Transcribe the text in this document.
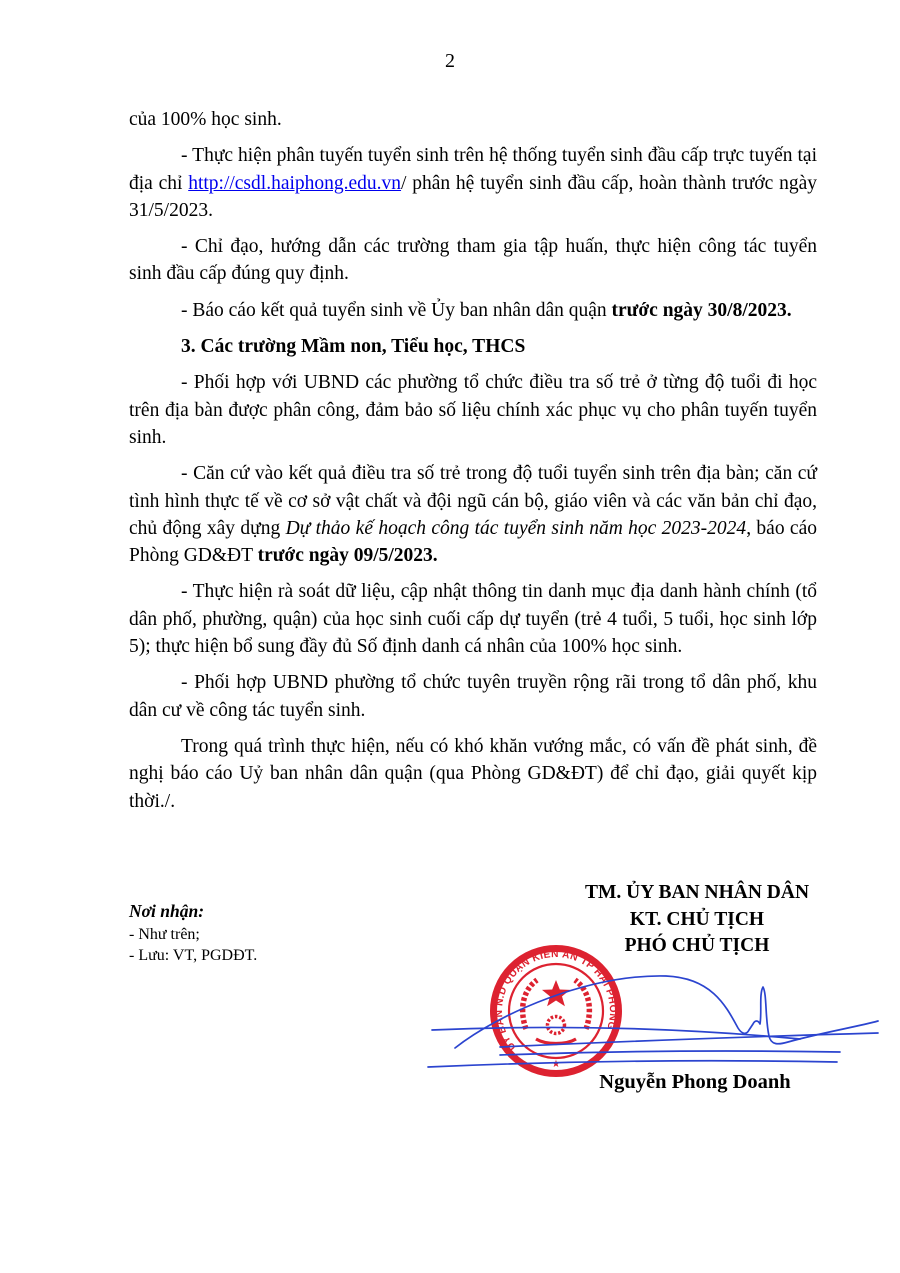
2

của 100% học sinh.

- Thực hiện phân tuyến tuyển sinh trên hệ thống tuyển sinh đầu cấp trực tuyến tại địa chỉ http://csdl.haiphong.edu.vn/ phân hệ tuyển sinh đầu cấp, hoàn thành trước ngày 31/5/2023.

- Chỉ đạo, hướng dẫn các trường tham gia tập huấn, thực hiện công tác tuyển sinh đầu cấp đúng quy định.

- Báo cáo kết quả tuyển sinh về Ủy ban nhân dân quận trước ngày 30/8/2023.

3. Các trường Mầm non, Tiểu học, THCS

- Phối hợp với UBND các phường tổ chức điều tra số trẻ ở từng độ tuổi đi học trên địa bàn được phân công, đảm bảo số liệu chính xác phục vụ cho phân tuyến tuyển sinh.

- Căn cứ vào kết quả điều tra số trẻ trong độ tuổi tuyển sinh trên địa bàn; căn cứ tình hình thực tế về cơ sở vật chất và đội ngũ cán bộ, giáo viên và các văn bản chỉ đạo, chủ động xây dựng Dự thảo kế hoạch công tác tuyển sinh năm học 2023-2024, báo cáo Phòng GD&ĐT trước ngày 09/5/2023.

- Thực hiện rà soát dữ liệu, cập nhật thông tin danh mục địa danh hành chính (tổ dân phố, phường, quận) của học sinh cuối cấp dự tuyển (trẻ 4 tuổi, 5 tuổi, học sinh lớp 5); thực hiện bổ sung đầy đủ Số định danh cá nhân của 100% học sinh.

- Phối hợp UBND phường tổ chức tuyên truyền rộng rãi trong tổ dân phố, khu dân cư về công tác tuyển sinh.

Trong quá trình thực hiện, nếu có khó khăn vướng mắc, có vấn đề phát sinh, đề nghị báo cáo Uỷ ban nhân dân quận (qua Phòng GD&ĐT) để chỉ đạo, giải quyết kịp thời./.

Nơi nhận:
- Như trên;
- Lưu: VT, PGDĐT.
TM. ỦY BAN NHÂN DÂN
KT. CHỦ TỊCH
PHÓ CHỦ TỊCH
ỦY BAN N.D QUẬN KIẾN AN TP HẢI PHÒNG
★
Nguyễn Phong Doanh
